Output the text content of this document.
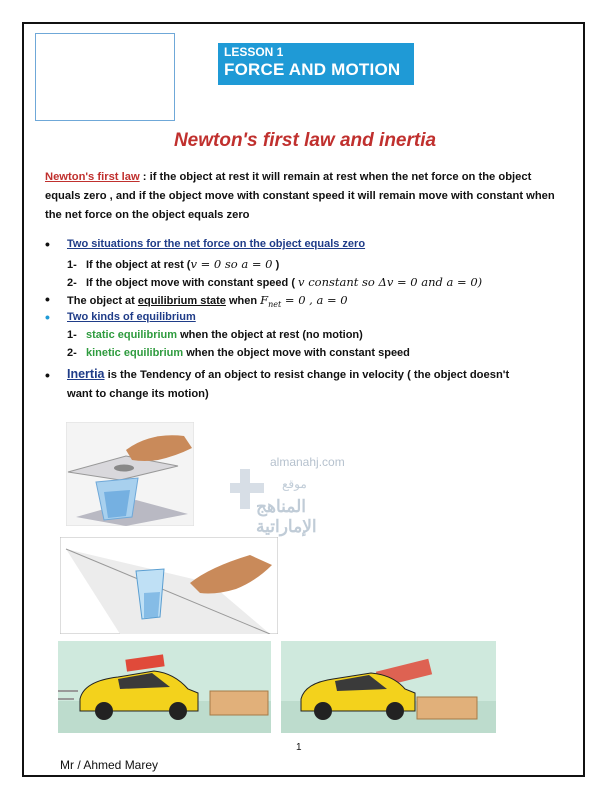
LESSON 1
FORCE AND MOTION
Newton's first law and inertia
Newton's first law : if the object at rest it will remain at rest when the net force on the object equals zero , and if the object move with constant speed it will remain move with constant when the net force on the object equals zero
• Two situations for the net force on the object equals zero
1- If the object at rest (v = 0 so a = 0 )
2- If the object move with constant speed ( v constant so Δv = 0 and a = 0)
• The object at equilibrium state when $F_{net} = 0$ , a = 0
• Two kinds of equilibrium
1- static equilibrium when the object at rest (no motion)
2- kinetic equilibrium when the object move with constant speed
• Inertia is the Tendency of an object to resist change in velocity ( the object doesn't want to change its motion)
almanahj.com
موقع
المناهج الإماراتية
1
Mr / Ahmed Marey
